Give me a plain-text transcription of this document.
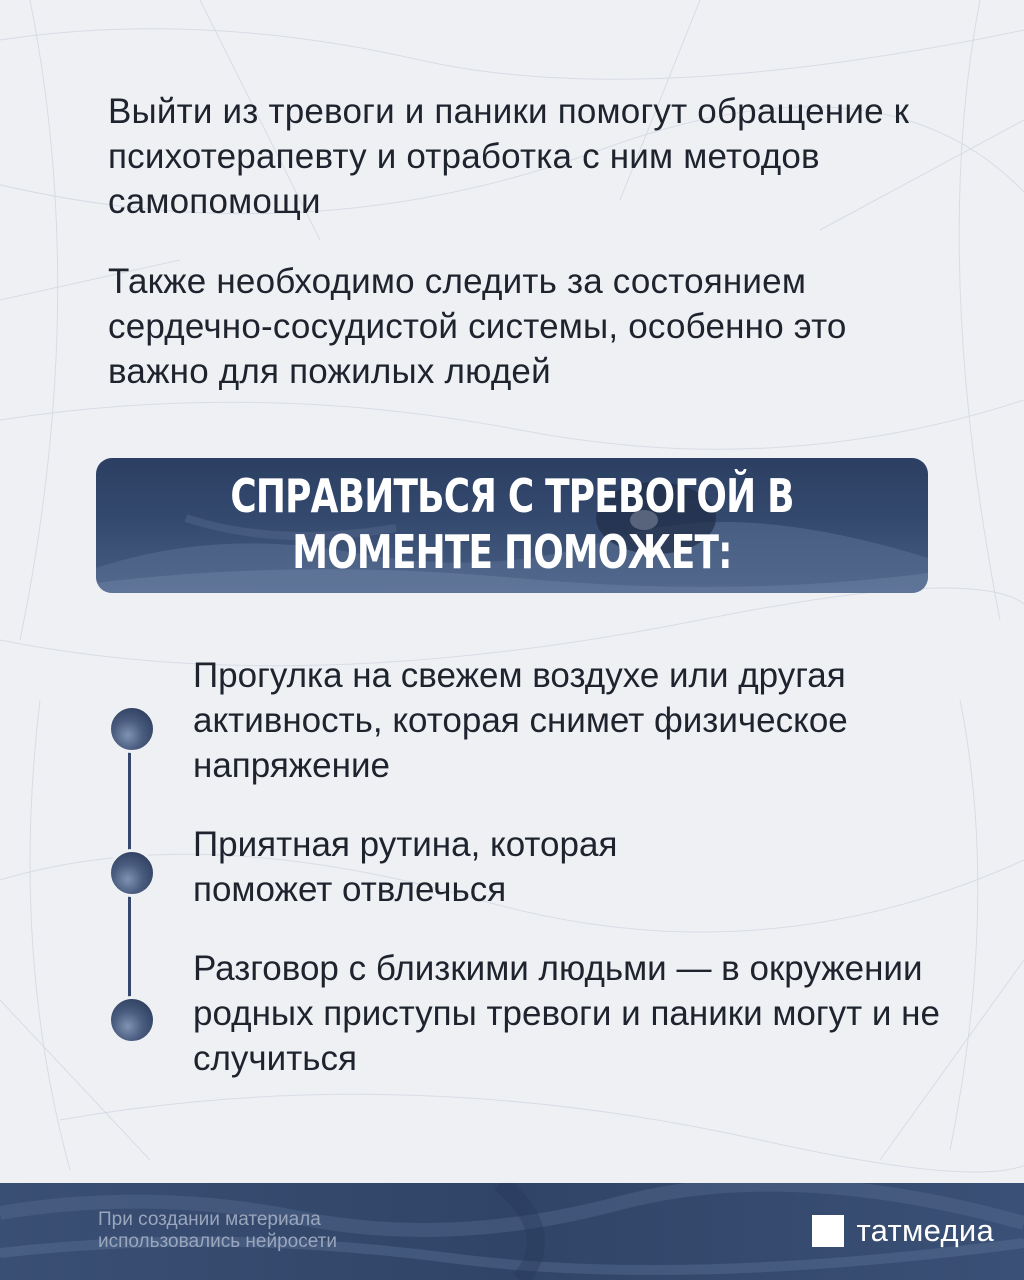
Выйти из тревоги и паники помогут обращение к психотерапевту и отработка с ним методов самопомощи

Также необходимо следить за состоянием сердечно-сосудистой системы, особенно это важно для пожилых людей

СПРАВИТЬСЯ С ТРЕВОГОЙ В МОМЕНТЕ ПОМОЖЕТ:

Прогулка на свежем воздухе или другая активность, которая снимет физическое напряжение

Приятная рутина, которая поможет отвлечься

Разговор с близкими людьми — в окружении родных приступы тревоги и паники могут и не случиться

При создании материала использовались нейросети	татмедиа
